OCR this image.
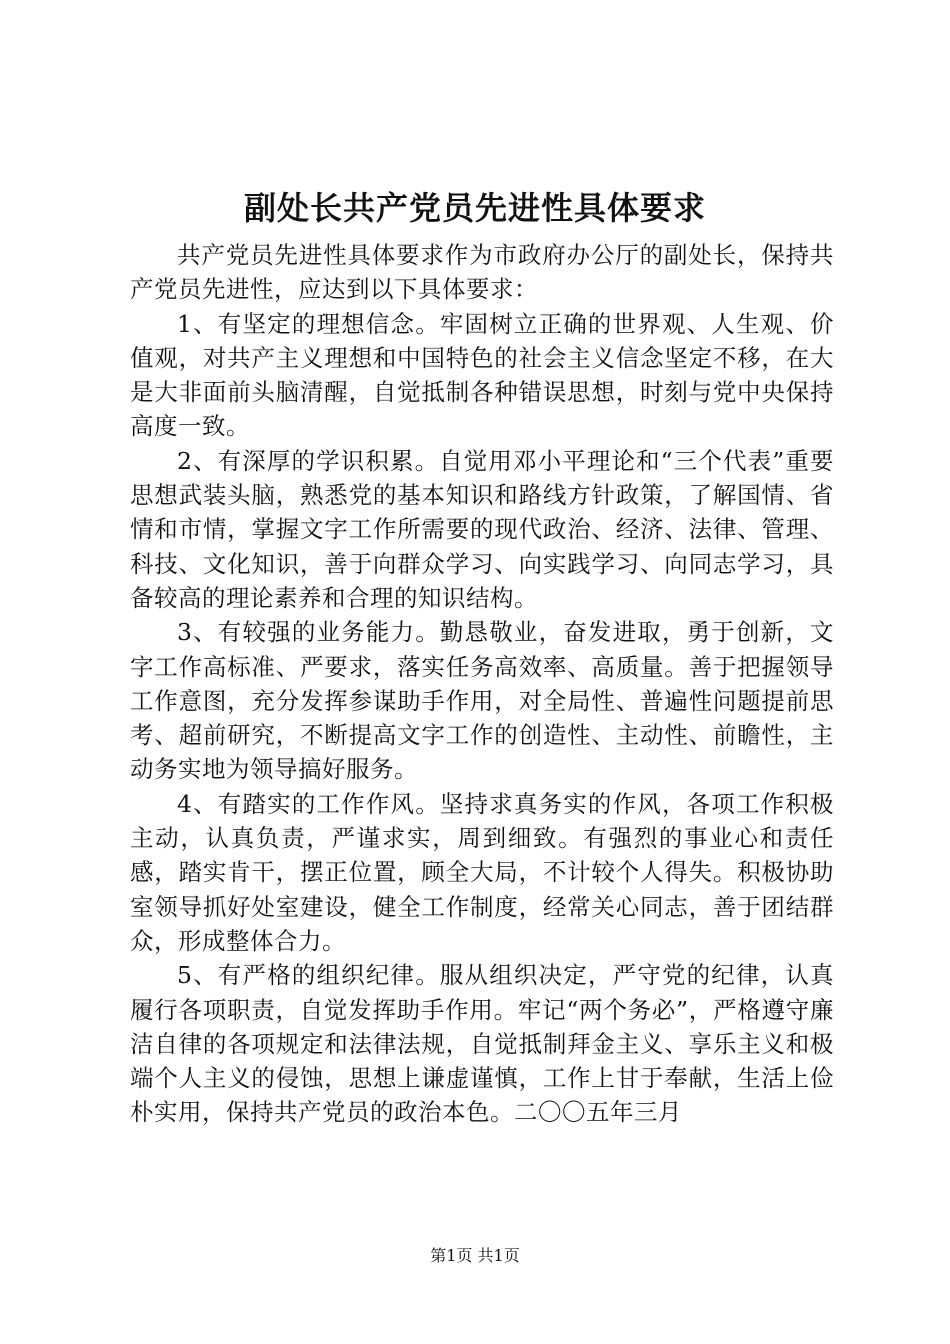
副处长共产党员先进性具体要求

共产党员先进性具体要求作为市政府办公厅的副处长，保持共产党员先进性，应达到以下具体要求：

1、有坚定的理想信念。牢固树立正确的世界观、人生观、价值观，对共产主义理想和中国特色的社会主义信念坚定不移，在大是大非面前头脑清醒，自觉抵制各种错误思想，时刻与党中央保持高度一致。

2、有深厚的学识积累。自觉用邓小平理论和“三个代表”重要思想武装头脑，熟悉党的基本知识和路线方针政策，了解国情、省情和市情，掌握文字工作所需要的现代政治、经济、法律、管理、科技、文化知识，善于向群众学习、向实践学习、向同志学习，具备较高的理论素养和合理的知识结构。

3、有较强的业务能力。勤恳敬业，奋发进取，勇于创新，文字工作高标准、严要求，落实任务高效率、高质量。善于把握领导工作意图，充分发挥参谋助手作用，对全局性、普遍性问题提前思考、超前研究，不断提高文字工作的创造性、主动性、前瞻性，主动务实地为领导搞好服务。

4、有踏实的工作作风。坚持求真务实的作风，各项工作积极主动，认真负责，严谨求实，周到细致。有强烈的事业心和责任感，踏实肯干，摆正位置，顾全大局，不计较个人得失。积极协助室领导抓好处室建设，健全工作制度，经常关心同志，善于团结群众，形成整体合力。

5、有严格的组织纪律。服从组织决定，严守党的纪律，认真履行各项职责，自觉发挥助手作用。牢记“两个务必”，严格遵守廉洁自律的各项规定和法律法规，自觉抵制拜金主义、享乐主义和极端个人主义的侵蚀，思想上谦虚谨慎，工作上甘于奉献，生活上俭朴实用，保持共产党员的政治本色。二〇〇五年三月

第1页 共1页
